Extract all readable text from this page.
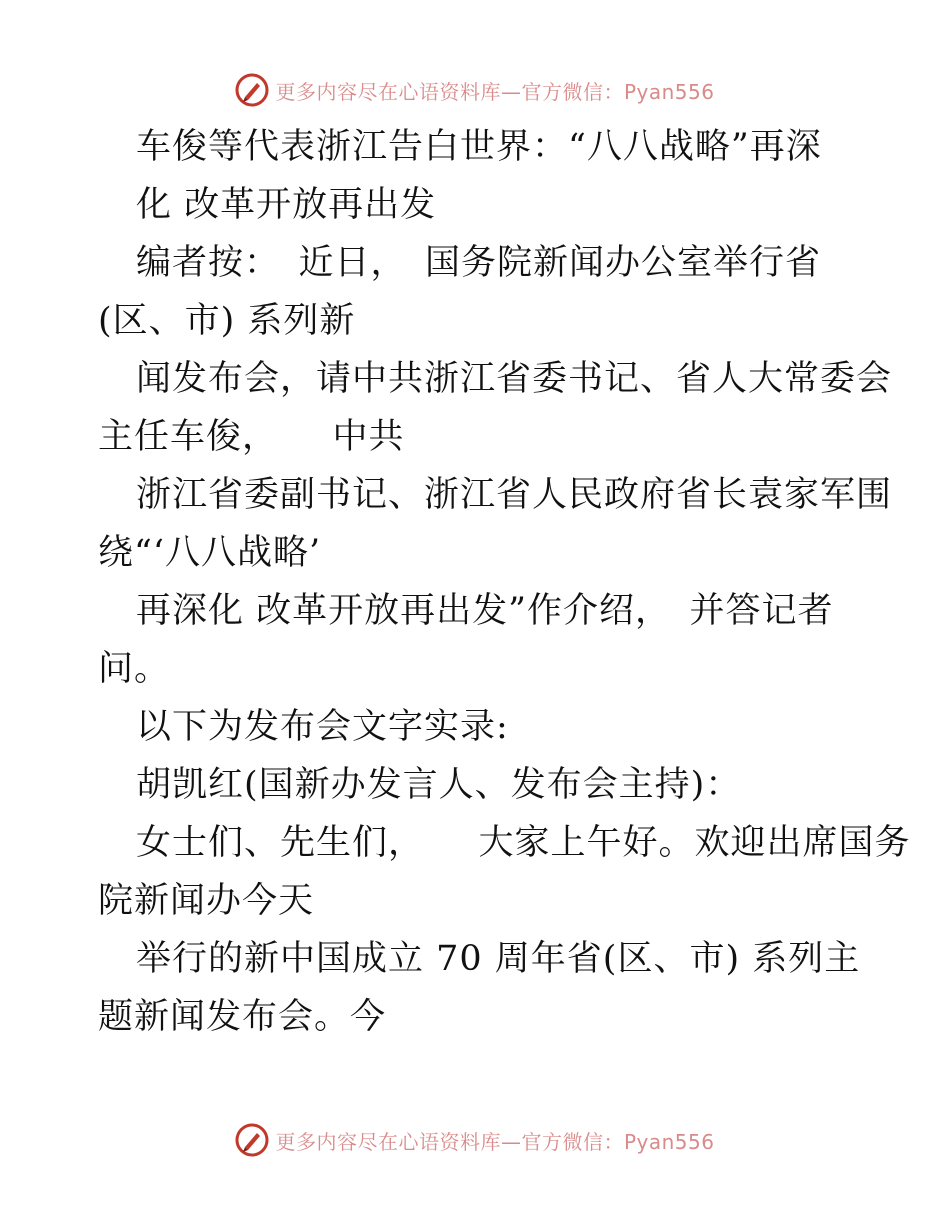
更多内容尽在心语资料库—官方微信：Pyan556
车俊等代表浙江告白世界：“八八战略”再深
化 改革开放再出发
编者按：　近日，　国务院新闻办公室举行省
(区、市) 系列新
闻发布会，请中共浙江省委书记、省人大常委会
主任车俊，　　中共
浙江省委副书记、浙江省人民政府省长袁家军围
绕“‘八八战略’
再深化 改革开放再出发”作介绍，　并答记者
问。
以下为发布会文字实录:
胡凯红(国新办发言人、发布会主持)：
女士们、先生们，　　大家上午好。欢迎出席国务
院新闻办今天
举行的新中国成立 70 周年省(区、市) 系列主
题新闻发布会。今
更多内容尽在心语资料库—官方微信：Pyan556
